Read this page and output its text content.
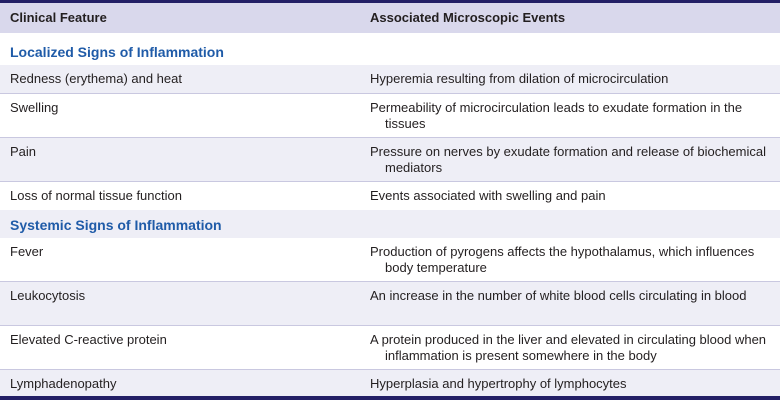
Clinical Feature	Associated Microscopic Events
Localized Signs of Inflammation
Redness (erythema) and heat	Hyperemia resulting from dilation of microcirculation
Swelling	Permeability of microcirculation leads to exudate formation in the tissues
Pain	Pressure on nerves by exudate formation and release of biochemical mediators
Loss of normal tissue function	Events associated with swelling and pain
Systemic Signs of Inflammation
Fever	Production of pyrogens affects the hypothalamus, which influences body temperature
Leukocytosis	An increase in the number of white blood cells circulating in blood
Elevated C-reactive protein	A protein produced in the liver and elevated in circulating blood when inflammation is present somewhere in the body
Lymphadenopathy	Hyperplasia and hypertrophy of lymphocytes
